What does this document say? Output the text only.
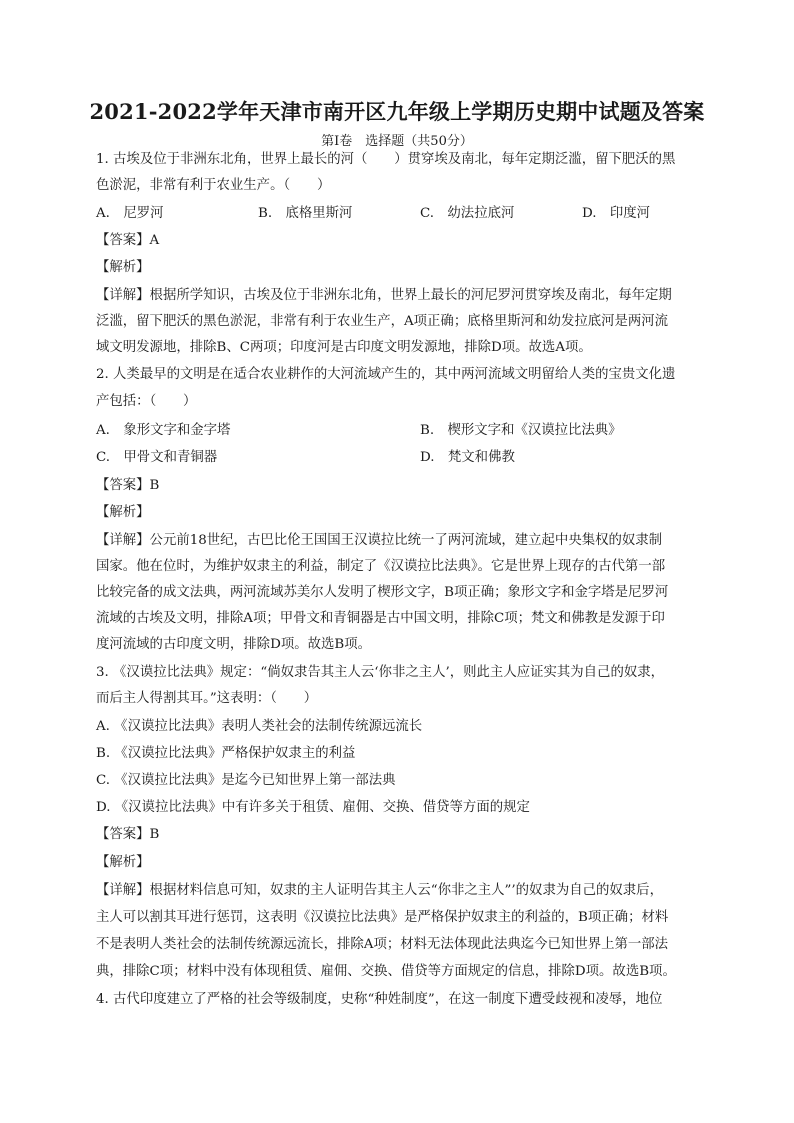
2021-2022学年天津市南开区九年级上学期历史期中试题及答案
第Ⅰ卷　选择题（共50分）
1. 古埃及位于非洲东北角，世界上最长的河（　　）贯穿埃及南北，每年定期泛滥，留下肥沃的黑
色淤泥，非常有利于农业生产。（　　）
A.　尼罗河	B.　底格里斯河	C.　幼法拉底河	D.　印度河
【答案】A
【解析】
【详解】根据所学知识，古埃及位于非洲东北角，世界上最长的河尼罗河贯穿埃及南北，每年定期
泛滥，留下肥沃的黑色淤泥，非常有利于农业生产，A项正确；底格里斯河和幼发拉底河是两河流
域文明发源地，排除B、C两项；印度河是古印度文明发源地，排除D项。故选A项。
2. 人类最早的文明是在适合农业耕作的大河流域产生的，其中两河流域文明留给人类的宝贵文化遗
产包括：（　　）
A.　象形文字和金字塔	B.　楔形文字和《汉谟拉比法典》
C.　甲骨文和青铜器	D.　梵文和佛教
【答案】B
【解析】
【详解】公元前18世纪，古巴比伦王国国王汉谟拉比统一了两河流域，建立起中央集权的奴隶制
国家。他在位时，为维护奴隶主的利益，制定了《汉谟拉比法典》。它是世界上现存的古代第一部
比较完备的成文法典，两河流域苏美尔人发明了楔形文字，B项正确；象形文字和金字塔是尼罗河
流域的古埃及文明，排除A项；甲骨文和青铜器是古中国文明，排除C项；梵文和佛教是发源于印
度河流域的古印度文明，排除D项。故选B项。
3. 《汉谟拉比法典》规定：“倘奴隶告其主人云‘你非之主人’，则此主人应证实其为自己的奴隶，
而后主人得割其耳。”这表明：（　　）
A. 《汉谟拉比法典》表明人类社会的法制传统源远流长
B. 《汉谟拉比法典》严格保护奴隶主的利益
C. 《汉谟拉比法典》是迄今已知世界上第一部法典
D. 《汉谟拉比法典》中有许多关于租赁、雇佣、交换、借贷等方面的规定
【答案】B
【解析】
【详解】根据材料信息可知，奴隶的主人证明告其主人云“你非之主人”’的奴隶为自己的奴隶后，
主人可以割其耳进行惩罚，这表明《汉谟拉比法典》是严格保护奴隶主的利益的，B项正确；材料
不是表明人类社会的法制传统源远流长，排除A项；材料无法体现此法典迄今已知世界上第一部法
典，排除C项；材料中没有体现租赁、雇佣、交换、借贷等方面规定的信息，排除D项。故选B项。
4. 古代印度建立了严格的社会等级制度，史称“种姓制度”，在这一制度下遭受歧视和凌辱，地位
